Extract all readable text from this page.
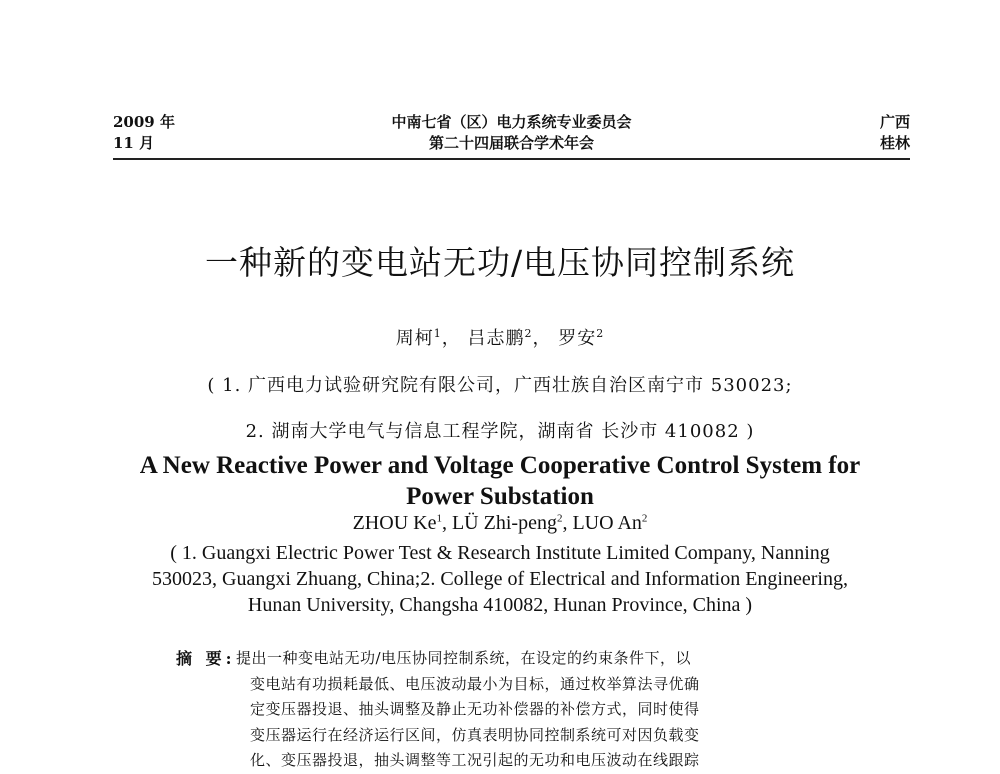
2009 年
11 月
中南七省（区）电力系统专业委员会
第二十四届联合学术年会
广西
桂林
一种新的变电站无功/电压协同控制系统
周柯$^1$， 吕志鹏$^2$， 罗安$^2$
( 1. 广西电力试验研究院有限公司，广西壮族自治区南宁市 530023;
2. 湖南大学电气与信息工程学院，湖南省 长沙市 410082 )
A New Reactive Power and Voltage Cooperative Control System for
Power Substation
ZHOU Ke$^1$, LÜ Zhi-peng$^2$, LUO An$^2$
( 1. Guangxi Electric Power Test & Research Institute Limited Company, Nanning
530023, Guangxi Zhuang, China;2. College of Electrical and Information Engineering,
Hunan University, Changsha 410082, Hunan Province, China )
摘 要: 提出一种变电站无功/电压协同控制系统，在设定的约束条件下，以
变电站有功损耗最低、电压波动最小为目标，通过枚举算法寻优确
定变压器投退、抽头调整及静止无功补偿器的补偿方式，同时使得
变压器运行在经济运行区间，仿真表明协同控制系统可对因负载变
化、变压器投退，抽头调整等工况引起的无功和电压波动在线跟踪
